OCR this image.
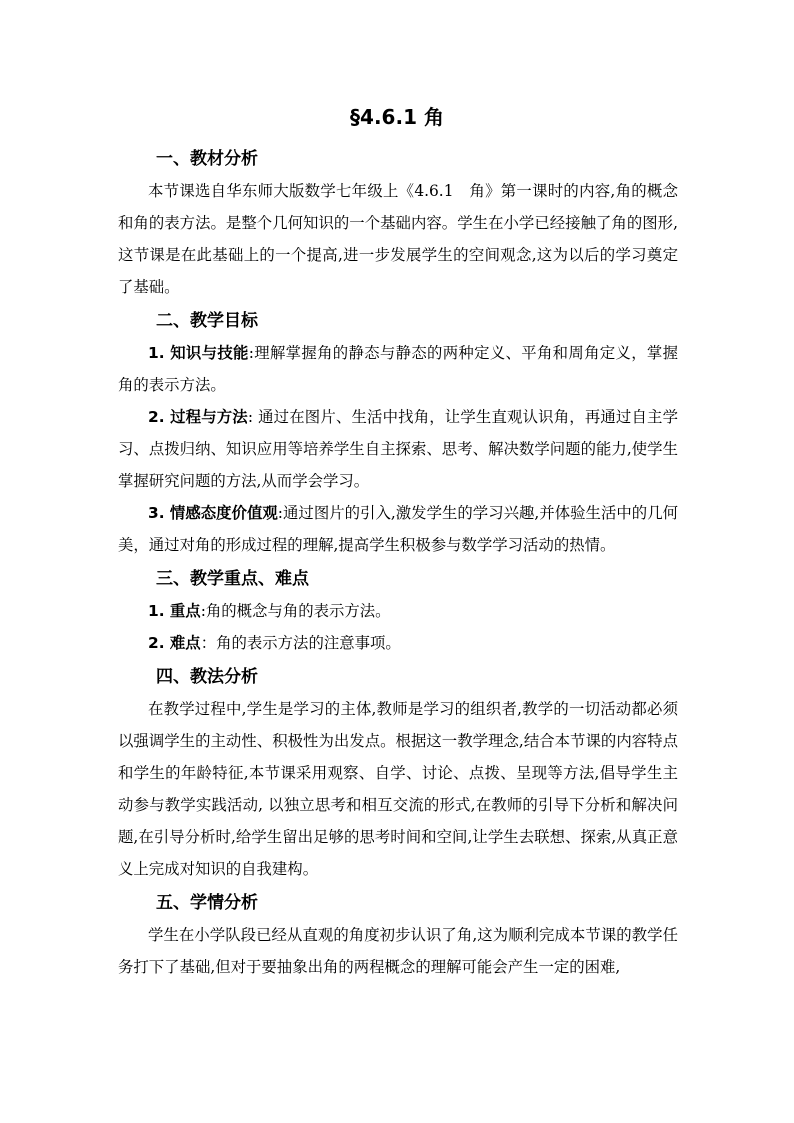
§4.6.1 角
一、教材分析
本节课选自华东师大版数学七年级上《4.6.1　角》第一课时的内容,角的概念和角的表方法。是整个几何知识的一个基础内容。学生在小学已经接触了角的图形,这节课是在此基础上的一个提高,进一步发展学生的空间观念,这为以后的学习奠定了基础。
二、教学目标
1. 知识与技能:理解掌握角的静态与静态的两种定义、平角和周角定义，掌握角的表示方法。
2. 过程与方法: 通过在图片、生活中找角，让学生直观认识角，再通过自主学习、点拨归纳、知识应用等培养学生自主探索、思考、解决数学问题的能力,使学生掌握研究问题的方法,从而学会学习。
3. 情感态度价值观:通过图片的引入,激发学生的学习兴趣,并体验生活中的几何美，通过对角的形成过程的理解,提高学生积极参与数学学习活动的热情。
三、教学重点、难点
1. 重点:角的概念与角的表示方法。
2. 难点：角的表示方法的注意事项。
四、教法分析
在教学过程中,学生是学习的主体,教师是学习的组织者,教学的一切活动都必须以强调学生的主动性、积极性为出发点。根据这一教学理念,结合本节课的内容特点和学生的年龄特征,本节课采用观察、自学、讨论、点拨、呈现等方法,倡导学生主动参与教学实践活动, 以独立思考和相互交流的形式,在教师的引导下分析和解决问题,在引导分析时,给学生留出足够的思考时间和空间,让学生去联想、探索,从真正意义上完成对知识的自我建构。
五、学情分析
学生在小学队段已经从直观的角度初步认识了角,这为顺利完成本节课的教学任务打下了基础,但对于要抽象出角的两程概念的理解可能会产生一定的困难,
